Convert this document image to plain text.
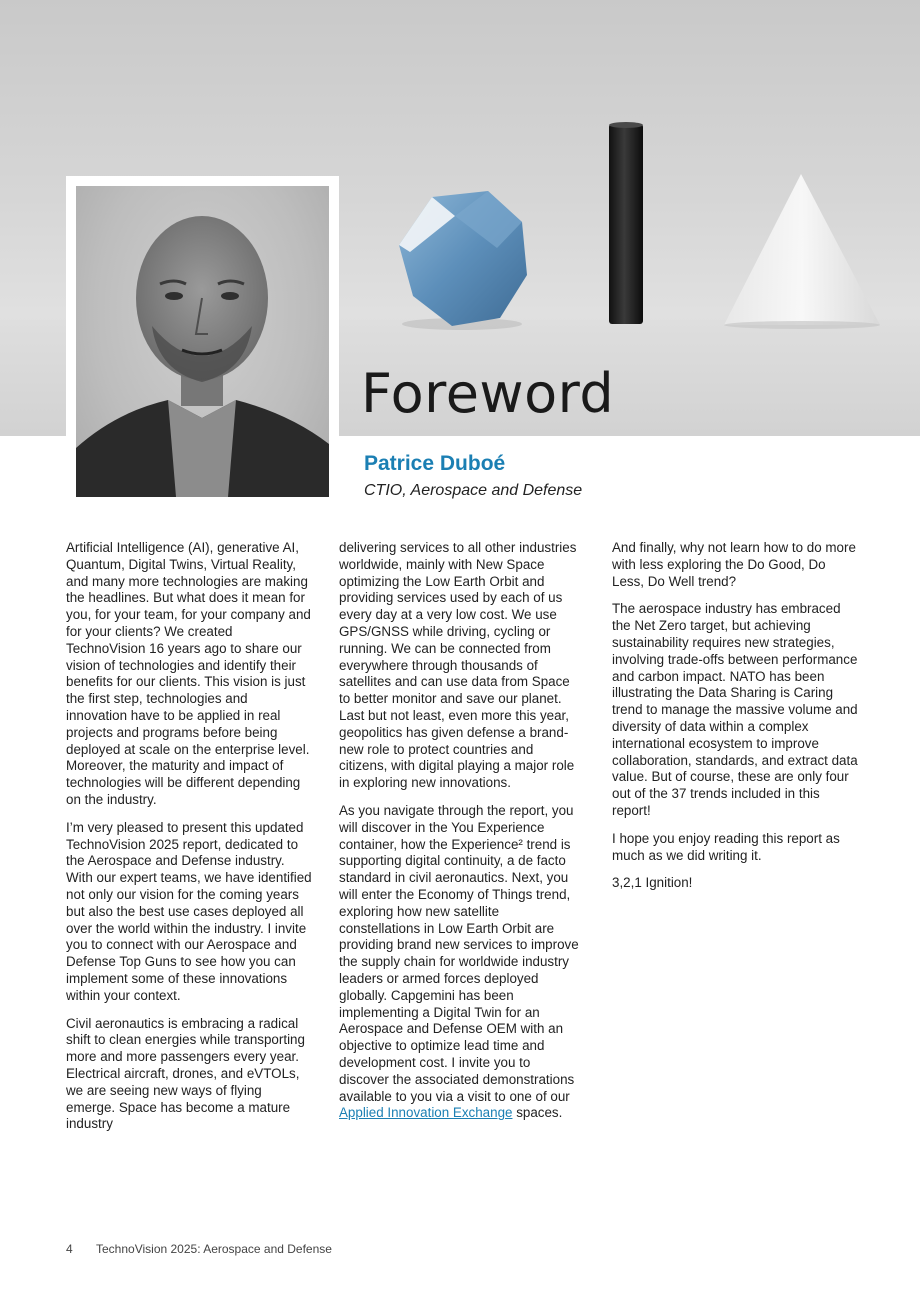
Foreword
Patrice Duboé
CTIO, Aerospace and Defense

Artificial Intelligence (AI), generative AI, Quantum, Digital Twins, Virtual Reality, and many more technologies are making the headlines. But what does it mean for you, for your team, for your company and for your clients? We created TechnoVision 16 years ago to share our vision of technologies and identify their benefits for our clients. This vision is just the first step, technologies and innovation have to be applied in real projects and programs before being deployed at scale on the enterprise level. Moreover, the maturity and impact of technologies will be different depending on the industry.

I’m very pleased to present this updated TechnoVision 2025 report, dedicated to the Aerospace and Defense industry. With our expert teams, we have identified not only our vision for the coming years but also the best use cases deployed all over the world within the industry. I invite you to connect with our Aerospace and Defense Top Guns to see how you can implement some of these innovations within your context.

Civil aeronautics is embracing a radical shift to clean energies while transporting more and more passengers every year. Electrical aircraft, drones, and eVTOLs, we are seeing new ways of flying emerge. Space has become a mature industry

delivering services to all other industries worldwide, mainly with New Space optimizing the Low Earth Orbit and providing services used by each of us every day at a very low cost. We use GPS/GNSS while driving, cycling or running. We can be connected from everywhere through thousands of satellites and can use data from Space to better monitor and save our planet. Last but not least, even more this year, geopolitics has given defense a brand-new role to protect countries and citizens, with digital playing a major role in exploring new innovations.

As you navigate through the report, you will discover in the You Experience container, how the Experience² trend is supporting digital continuity, a de facto standard in civil aeronautics. Next, you will enter the Economy of Things trend, exploring how new satellite constellations in Low Earth Orbit are providing brand new services to improve the supply chain for worldwide industry leaders or armed forces deployed globally. Capgemini has been implementing a Digital Twin for an Aerospace and Defense OEM with an objective to optimize lead time and development cost. I invite you to discover the associated demonstrations available to you via a visit to one of our Applied Innovation Exchange spaces.

And finally, why not learn how to do more with less exploring the Do Good, Do Less, Do Well trend?

The aerospace industry has embraced the Net Zero target, but achieving sustainability requires new strategies, involving trade-offs between performance and carbon impact. NATO has been illustrating the Data Sharing is Caring trend to manage the massive volume and diversity of data within a complex international ecosystem to improve collaboration, standards, and extract data value. But of course, these are only four out of the 37 trends included in this report!

I hope you enjoy reading this report as much as we did writing it.

3,2,1 Ignition!

4 TechnoVision 2025: Aerospace and Defense
